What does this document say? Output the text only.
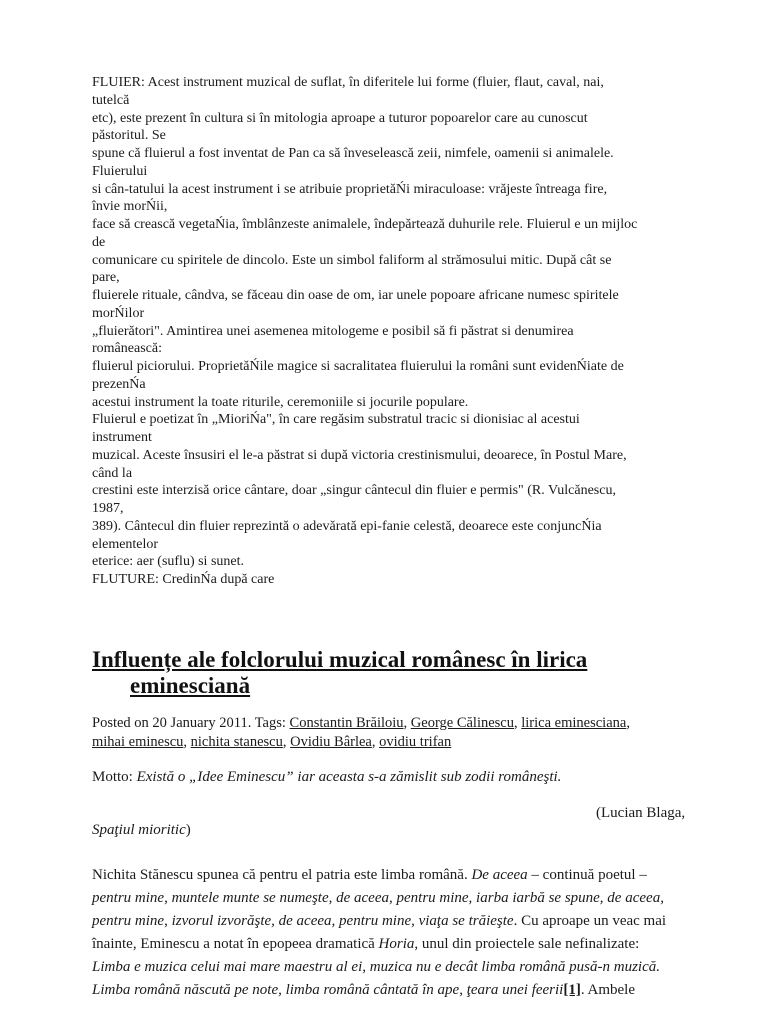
FLUIER: Acest instrument muzical de suflat, în diferitele lui forme (fluier, flaut, caval, nai,
tutelcă
etc), este prezent în cultura si în mitologia aproape a tuturor popoarelor care au cunoscut
păstoritul. Se
spune că fluierul a fost inventat de Pan ca să înveselească zeii, nimfele, oamenii si animalele.
Fluierului
si cân-tatului la acest instrument i se atribuie proprietăŃi miraculoase: vrăjeste întreaga fire,
învie morŃii,
face să crească vegetaŃia, îmblânzeste animalele, îndepărtează duhurile rele. Fluierul e un mijloc
de
comunicare cu spiritele de dincolo. Este un simbol faliform al strămosului mitic. După cât se
pare,
fluierele rituale, cândva, se făceau din oase de om, iar unele popoare africane numesc spiritele
morŃilor
„fluierători". Amintirea unei asemenea mitologeme e posibil să fi păstrat si denumirea
românească:
fluierul piciorului. ProprietăŃile magice si sacralitatea fluierului la români sunt evidenŃiate de
prezenŃa
acestui instrument la toate riturile, ceremoniile si jocurile populare.
Fluierul e poetizat în „MioriŃa", în care regăsim substratul tracic si dionisiac al acestui
instrument
muzical. Aceste însusiri el le-a păstrat si după victoria crestinismului, deoarece, în Postul Mare,
când la
crestini este interzisă orice cântare, doar „singur cântecul din fluier e permis" (R. Vulcănescu,
1987,
389). Cântecul din fluier reprezintă o adevărată epi-fanie celestă, deoarece este conjuncŃia
elementelor
eterice: aer (suflu) si sunet.
FLUTURE: CredinŃa după care
Influențe ale folclorului muzical românesc în lirica eminesciană
Posted on 20 January 2011. Tags: Constantin Brăiloiu, George Călinescu, lirica eminesciana,
mihai eminescu, nichita stanescu, Ovidiu Bârlea, ovidiu trifan
Motto: Există o „Idee Eminescu” iar aceasta s-a zămislit sub zodii româneşti.
(Lucian Blaga,
Spaţiul mioritic)
Nichita Stănescu spunea că pentru el patria este limba română. De aceea – continuă poetul –
pentru mine, muntele munte se numeşte, de aceea, pentru mine, iarba iarbă se spune, de aceea,
pentru mine, izvorul izvorăşte, de aceea, pentru mine, viaţa se trăieşte. Cu aproape un veac mai
înainte, Eminescu a notat în epopeea dramatică Horia, unul din proiectele sale nefinalizate:
Limba e muzica celui mai mare maestru al ei, muzica nu e decât limba română pusă-n muzică.
Limba română născută pe note, limba română cântată în ape, ţeara unei feerii[1]. Ambele
